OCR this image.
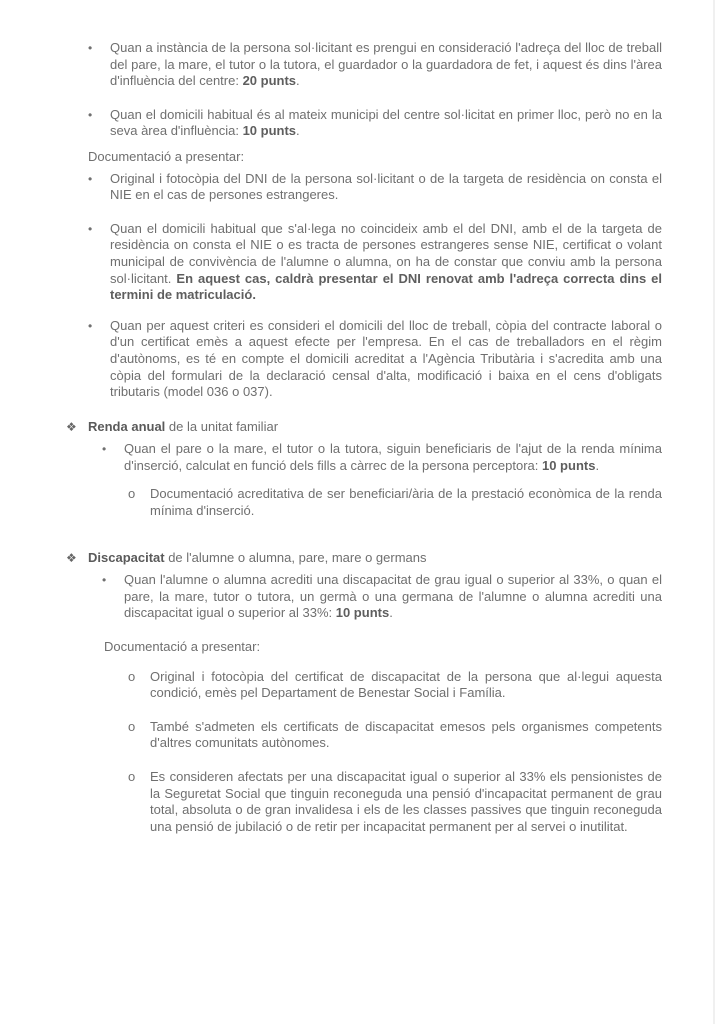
•	Quan a instància de la persona sol·licitant es prengui en consideració l'adreça del lloc de treball del pare, la mare, el tutor o la tutora, el guardador o la guardadora de fet, i aquest és dins l'àrea d'influència del centre: 20 punts.

•	Quan el domicili habitual és al mateix municipi del centre sol·licitat en primer lloc, però no en la seva àrea d'influència: 10 punts.

Documentació a presentar:

•	Original i fotocòpia del DNI de la persona sol·licitant o de la targeta de residència on consta el NIE en el cas de persones estrangeres.

•	Quan el domicili habitual que s'al·lega no coincideix amb el del DNI, amb el de la targeta de residència on consta el NIE o es tracta de persones estrangeres sense NIE, certificat o volant municipal de convivència de l'alumne o alumna, on ha de constar que conviu amb la persona sol·licitant. En aquest cas, caldrà presentar el DNI renovat amb l'adreça correcta dins el termini de matriculació.

•	Quan per aquest criteri es consideri el domicili del lloc de treball, còpia del contracte laboral o d'un certificat emès a aquest efecte per l'empresa. En el cas de treballadors en el règim d'autònoms, es té en compte el domicili acreditat a l'Agència Tributària i s'acredita amb una còpia del formulari de la declaració censal d'alta, modificació i baixa en el cens d'obligats tributaris (model 036 o 037).

❖ Renda anual de la unitat familiar

•	Quan el pare o la mare, el tutor o la tutora, siguin beneficiaris de l'ajut de la renda mínima d'inserció, calculat en funció dels fills a càrrec de la persona perceptora: 10 punts.

o	Documentació acreditativa de ser beneficiari/ària de la prestació econòmica de la renda mínima d'inserció.

❖ Discapacitat de l'alumne o alumna, pare, mare o germans

•	Quan l'alumne o alumna acrediti una discapacitat de grau igual o superior al 33%, o quan el pare, la mare, tutor o tutora, un germà o una germana de l'alumne o alumna acrediti una discapacitat igual o superior al 33%: 10 punts.

Documentació a presentar:

o	Original i fotocòpia del certificat de discapacitat de la persona que al·legui aquesta condició, emès pel Departament de Benestar Social i Família.

o	També s'admeten els certificats de discapacitat emesos pels organismes competents d'altres comunitats autònomes.

o	Es consideren afectats per una discapacitat igual o superior al 33% els pensionistes de la Seguretat Social que tinguin reconeguda una pensió d'incapacitat permanent de grau total, absoluta o de gran invalidesa i els de les classes passives que tinguin reconeguda una pensió de jubilació o de retir per incapacitat permanent per al servei o inutilitat.
